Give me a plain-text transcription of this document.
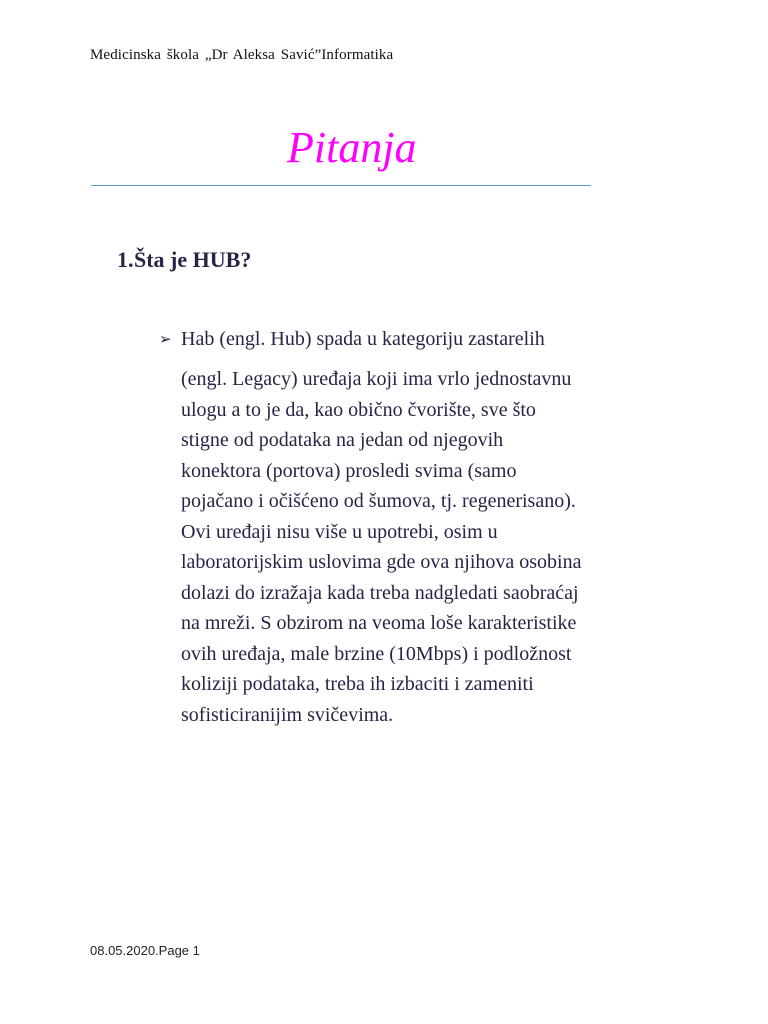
Medicinska škola „Dr Aleksa Savić”Informatika
Pitanja
1.Šta je HUB?
➢ Hab (engl. Hub) spada u kategoriju zastarelih
(engl. Legacy) uređaja koji ima vrlo jednostavnu
ulogu a to je da, kao obično čvorište, sve što
stigne od podataka na jedan od njegovih
konektora (portova) prosledi svima (samo
pojačano i očišćeno od šumova, tj. regenerisano).
Ovi uređaji nisu više u upotrebi, osim u
laboratorijskim uslovima gde ova njihova osobina
dolazi do izražaja kada treba nadgledati saobraćaj
na mreži. S obzirom na veoma loše karakteristike
ovih uređaja, male brzine (10Mbps) i podložnost
koliziji podataka, treba ih izbaciti i zameniti
sofisticiranijim svičevima.
08.05.2020.Page 1
